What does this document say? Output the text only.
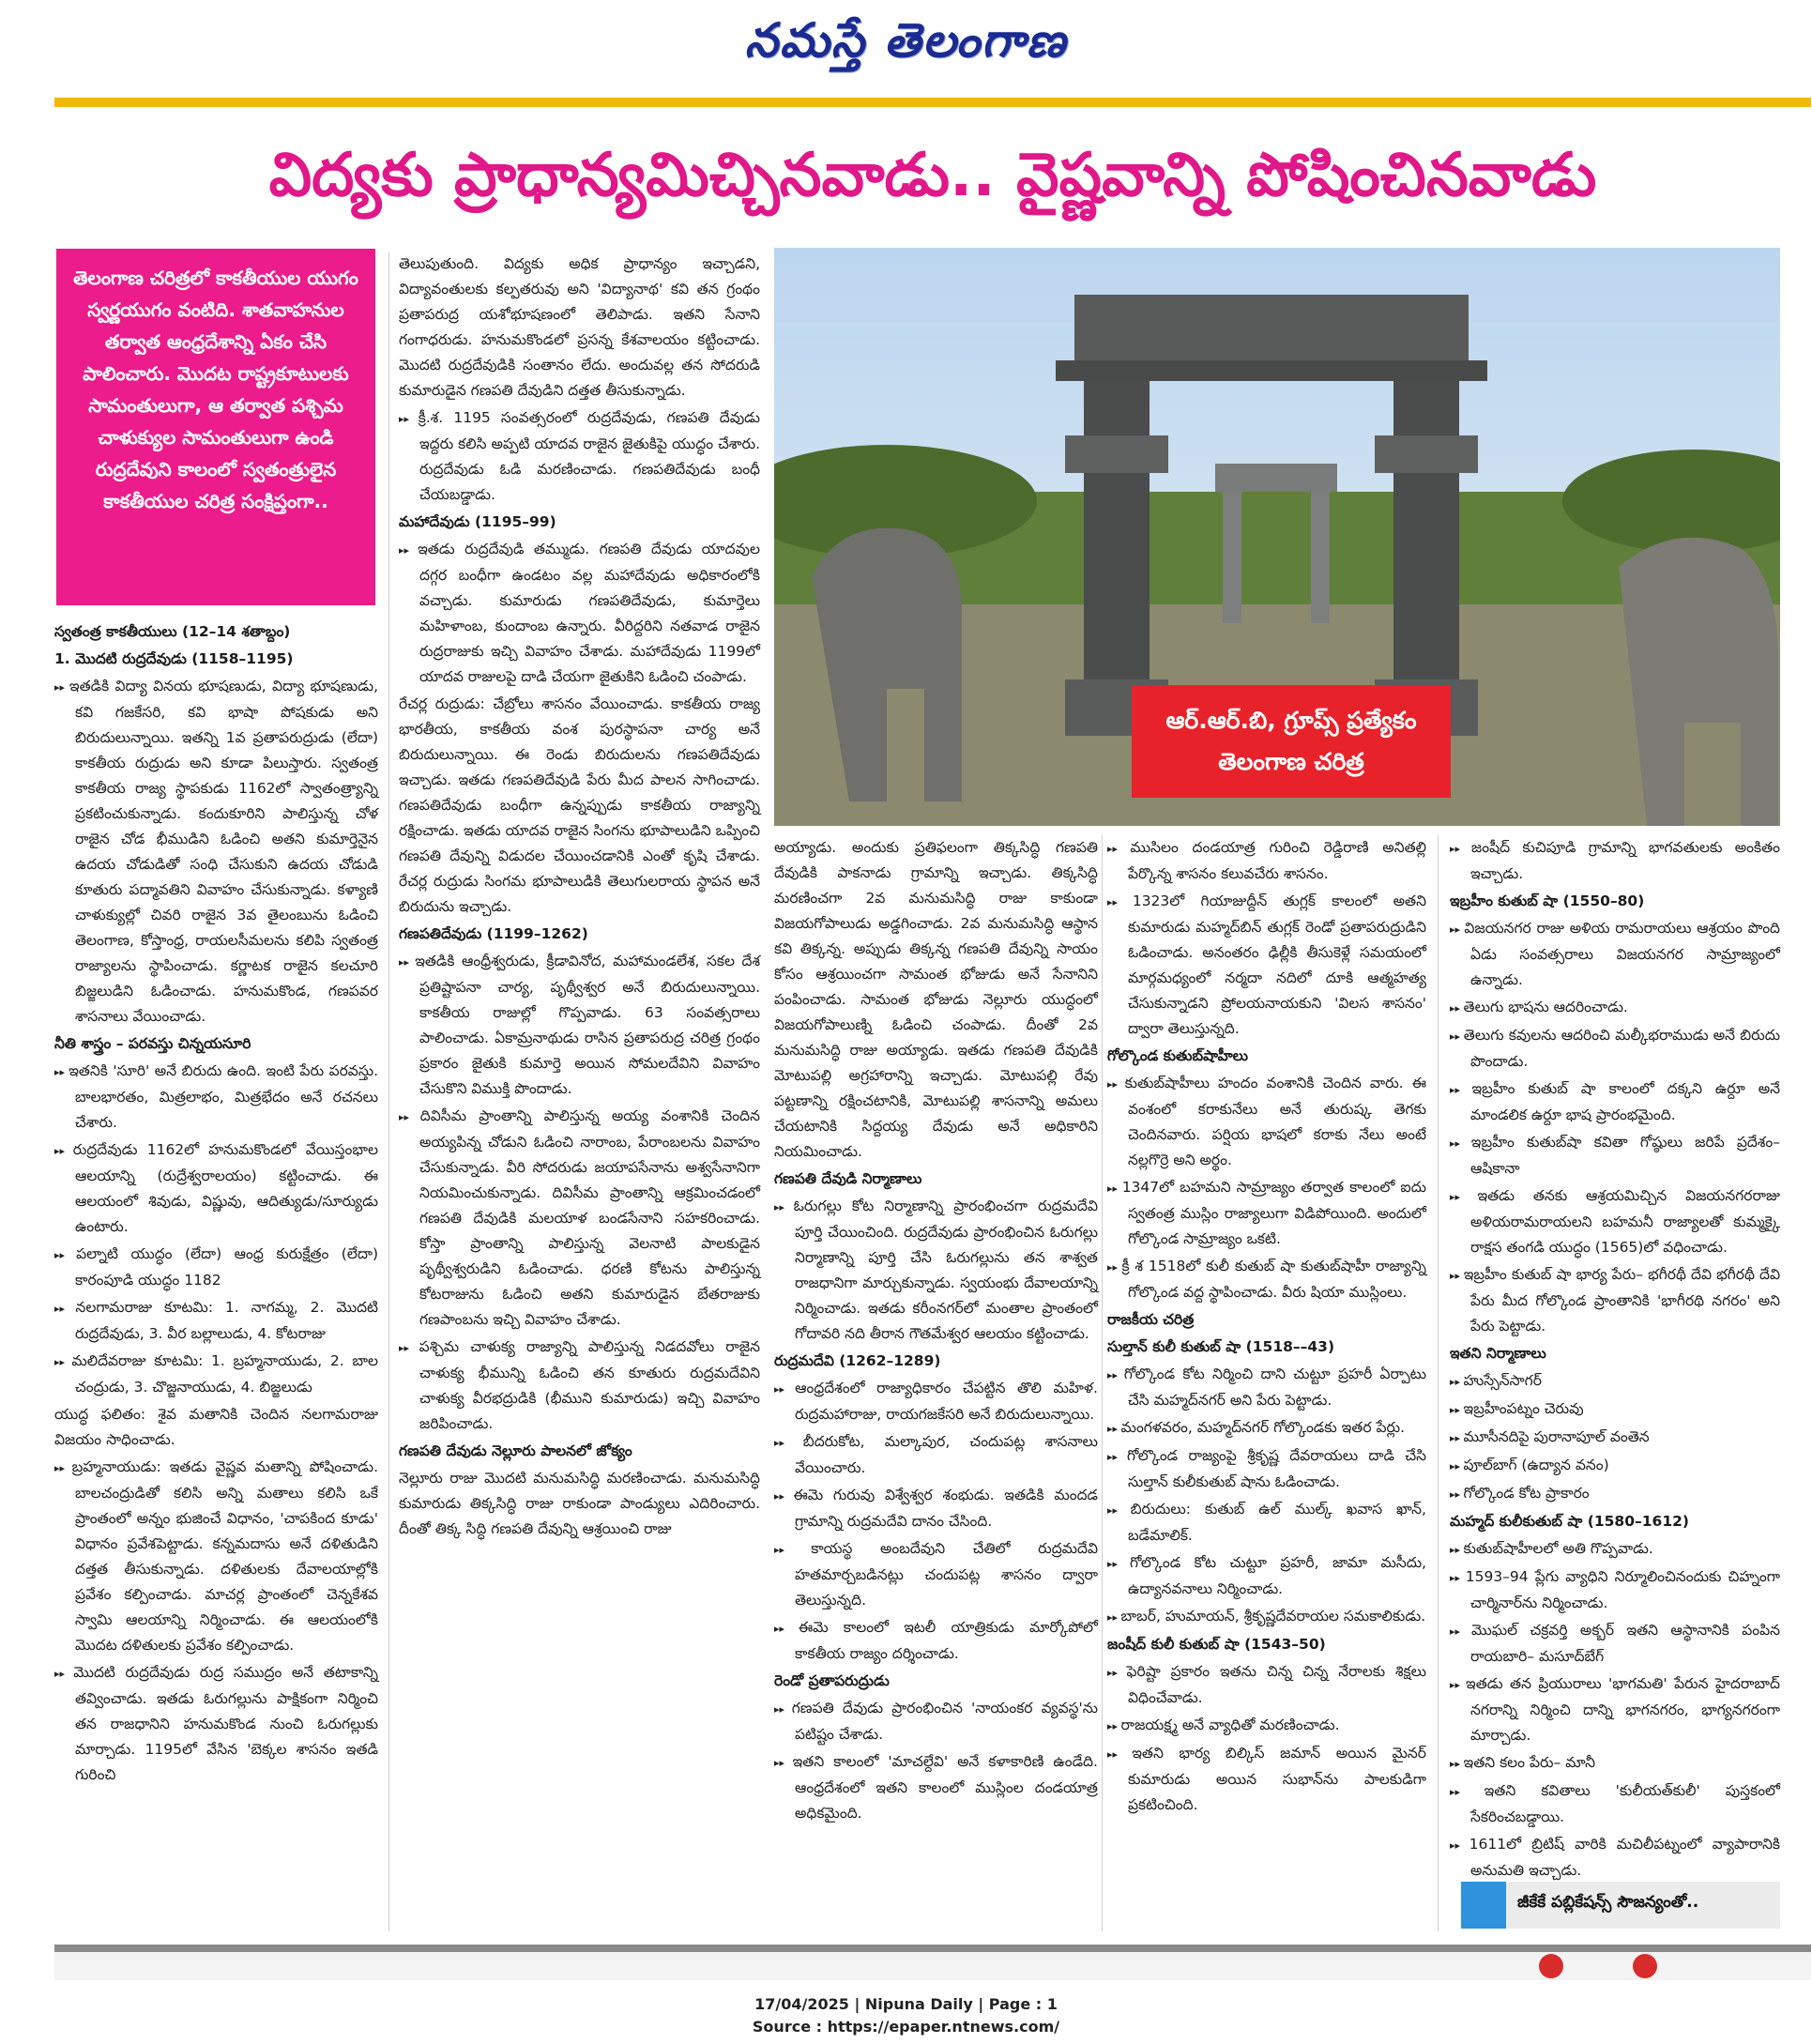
నమస్తే తెలంగాణ
విద్యకు ప్రాధాన్యమిచ్చినవాడు.. వైష్ణవాన్ని పోషించినవాడు
తెలంగాణ చరిత్రలో కాకతీయుల యుగం స్వర్ణయుగం వంటిది. శాతవాహనుల తర్వాత ఆంధ్రదేశాన్ని ఏకం చేసి పాలించారు. మొదట రాష్ట్రకూటులకు సామంతులుగా, ఆ తర్వాత పశ్చిమ చాళుక్యుల సామంతులుగా ఉండి రుద్రదేవుని కాలంలో స్వతంత్రులైన కాకతీయుల చరిత్ర సంక్షిప్తంగా..
ఆర్.ఆర్.బి, గ్రూప్స్ ప్రత్యేకం
తెలంగాణ చరిత్ర

స్వతంత్ర కాకతీయులు (12–14 శతాబ్దం)

1. మొదటి రుద్రదేవుడు (1158–1195)

▸▸ ఇతడికి విద్యా వినయ భూషణుడు, విద్యా భూషణుడు, కవి గజకేసరి, కవి భాషా పోషకుడు అని బిరుదులున్నాయి. ఇతన్ని 1వ ప్రతాపరుద్రుడు (లేదా) కాకతీయ రుద్రుడు అని కూడా పిలుస్తారు. స్వతంత్ర కాకతీయ రాజ్య స్థాపకుడు 1162లో స్వాతంత్ర్యాన్ని ప్రకటించుకున్నాడు. కందుకూరిని పాలిస్తున్న చోళ రాజైన చోడ భీముడిని ఓడించి అతని కుమార్తెనైన ఉదయ చోడుడితో సంధి చేసుకుని ఉదయ చోడుడి కూతురు పద్మావతిని వివాహం చేసుకున్నాడు. కళ్యాణి చాళుక్యుల్లో చివరి రాజైన 3వ తైలంబును ఓడించి తెలంగాణ, కోస్తాంధ్ర, రాయలసీమలను కలిపి స్వతంత్ర రాజ్యాలను స్థాపించాడు. కర్ణాటక రాజైన కలచూరి బిజ్జలుడిని ఓడించాడు. హనుమకొండ, గణపవర శాసనాలు వేయించాడు.

నీతి శాస్త్రం – పరవస్తు చిన్నయసూరి

▸▸ ఇతనికి 'సూరి' అనే బిరుదు ఉంది. ఇంటి పేరు పరవస్తు. బాలభారతం, మిత్రలాభం, మిత్రభేదం అనే రచనలు చేశారు.

▸▸ రుద్రదేవుడు 1162లో హనుమకొండలో వేయిస్తంభాల ఆలయాన్ని (రుద్రేశ్వరాలయం) కట్టించాడు. ఈ ఆలయంలో శివుడు, విష్ణువు, ఆదిత్యుడు/సూర్యుడు ఉంటారు.

▸▸ పల్నాటి యుద్ధం (లేదా) ఆంధ్ర కురుక్షేత్రం (లేదా) కారంపూడి యుద్ధం 1182

▸▸ నలగామరాజు కూటమి: 1. నాగమ్మ, 2. మొదటి రుద్రదేవుడు, 3. వీర బల్లాలుడు, 4. కోటరాజు

▸▸ మలిదేవరాజు కూటమి: 1. బ్రహ్మనాయుడు, 2. బాల చంద్రుడు, 3. చొజ్జనాయుడు, 4. బిజ్జలుడు

యుద్ధ ఫలితం: శైవ మతానికి చెందిన నలగామరాజు విజయం సాధించాడు.

▸▸ బ్రహ్మనాయుడు: ఇతడు వైష్ణవ మతాన్ని పోషించాడు. బాలచంద్రుడితో కలిసి అన్ని మతాలు కలిసి ఒకే ప్రాంతంలో అన్నం భుజించే విధానం, 'చాపకింద కూడు' విధానం ప్రవేశపెట్టాడు. కన్నమదాసు అనే దళితుడిని దత్తత తీసుకున్నాడు. దళితులకు దేవాలయాల్లోకి ప్రవేశం కల్పించాడు. మాచర్ల ప్రాంతంలో చెన్నకేశవ స్వామి ఆలయాన్ని నిర్మించాడు. ఈ ఆలయంలోకి మొదట దళితులకు ప్రవేశం కల్పించాడు.

▸▸ మొదటి రుద్రదేవుడు రుద్ర సముద్రం అనే తటాకాన్ని తవ్వించాడు. ఇతడు ఓరుగల్లును పాక్షికంగా నిర్మించి తన రాజధానిని హనుమకొండ నుంచి ఓరుగల్లుకు మార్చాడు. 1195లో వేసిన 'బెక్కల శాసనం ఇతడి గురించి

తెలుపుతుంది. విద్యకు అధిక ప్రాధాన్యం ఇచ్చాడని, విద్యావంతులకు కల్పతరువు అని 'విద్యానాథ' కవి తన గ్రంథం ప్రతాపరుద్ర యశోభూషణంలో తెలిపాడు. ఇతని సేనాని గంగాధరుడు. హనుమకొండలో ప్రసన్న కేశవాలయం కట్టించాడు. మొదటి రుద్రదేవుడికి సంతానం లేదు. అందువల్ల తన సోదరుడి కుమారుడైన గణపతి దేవుడిని దత్తత తీసుకున్నాడు.

▸▸ క్రీ.శ. 1195 సంవత్సరంలో రుద్రదేవుడు, గణపతి దేవుడు ఇద్దరు కలిసి అప్పటి యాదవ రాజైన జైతుకిపై యుద్ధం చేశారు. రుద్రదేవుడు ఓడి మరణించాడు. గణపతిదేవుడు బంధీ చేయబడ్డాడు.

మహాదేవుడు (1195–99)

▸▸ ఇతడు రుద్రదేవుడి తమ్ముడు. గణపతి దేవుడు యాదవుల దగ్గర బంధీగా ఉండటం వల్ల మహాదేవుడు అధికారంలోకి వచ్చాడు. కుమారుడు గణపతిదేవుడు, కుమార్తెలు మహిళాంబ, కుందాంబ ఉన్నారు. వీరిద్దరిని నతవాడ రాజైన రుద్రరాజుకు ఇచ్చి వివాహం చేశాడు. మహాదేవుడు 1199లో యాదవ రాజులపై దాడి చేయగా జైతుకిని ఓడించి చంపాడు.

రేచర్ల రుద్రుడు: చేబ్రోలు శాసనం వేయించాడు. కాకతీయ రాజ్య భారతీయ, కాకతీయ వంశ పురస్థాపనా చార్య అనే బిరుదులున్నాయి. ఈ రెండు బిరుదులను గణపతిదేవుడు ఇచ్చాడు. ఇతడు గణపతిదేవుడి పేరు మీద పాలన సాగించాడు. గణపతిదేవుడు బంధీగా ఉన్నప్పుడు కాకతీయ రాజ్యాన్ని రక్షించాడు. ఇతడు యాదవ రాజైన సింగను భూపాలుడిని ఒప్పించి గణపతి దేవున్ని విడుదల చేయించడానికి ఎంతో కృషి చేశాడు. రేచర్ల రుద్రుడు సింగమ భూపాలుడికి తెలుగులరాయ స్థాపన అనే బిరుదును ఇచ్చాడు.

గణపతిదేవుడు (1199–1262)

▸▸ ఇతడికి ఆంధ్రీశ్వరుడు, క్రీడావినోద, మహామండలేశ, సకల దేశ ప్రతిష్టాపనా చార్య, పృథ్వీశ్వర అనే బిరుదులున్నాయి. కాకతీయ రాజుల్లో గొప్పవాడు. 63 సంవత్సరాలు పాలించాడు. ఏకామ్రనాథుడు రాసిన ప్రతాపరుద్ర చరిత్ర గ్రంథం ప్రకారం జైతుకి కుమార్తె అయిన సోమలదేవిని వివాహం చేసుకొని విముక్తి పొందాడు.

▸▸ దివిసీమ ప్రాంతాన్ని పాలిస్తున్న అయ్య వంశానికి చెందిన అయ్యపిన్న చోడుని ఓడించి నారాంబ, పేరాంబలను వివాహం చేసుకున్నాడు. వీరి సోదరుడు జయాపసేనాను అశ్వసేనానిగా నియమించుకున్నాడు. దివిసీమ ప్రాంతాన్ని ఆక్రమించడంలో గణపతి దేవుడికి మలయాళ బండసేనాని సహకరించాడు. కోస్తా ప్రాంతాన్ని పాలిస్తున్న వెలనాటి పాలకుడైన పృథ్వీశ్వరుడిని ఓడించాడు. ధరణి కోటను పాలిస్తున్న కోటరాజును ఓడించి అతని కుమారుడైన బేతరాజుకు గణపాంబను ఇచ్చి వివాహం చేశాడు.

▸▸ పశ్చిమ చాళుక్య రాజ్యాన్ని పాలిస్తున్న నిడదవోలు రాజైన చాళుక్య భీమున్ని ఓడించి తన కూతురు రుద్రమదేవిని చాళుక్య వీరభద్రుడికి (భీముని కుమారుడు) ఇచ్చి వివాహం జరిపించాడు.

గణపతి దేవుడు నెల్లూరు పాలనలో జోక్యం

నెల్లూరు రాజు మొదటి మనుమసిద్ధి మరణించాడు. మనుమసిద్ధి కుమారుడు తిక్కసిద్ధి రాజు రాకుండా పాండ్యులు ఎదిరించారు. దీంతో తిక్క సిద్ధి గణపతి దేవున్ని ఆశ్రయించి రాజు

అయ్యాడు. అందుకు ప్రతిఫలంగా తిక్కసిద్ధి గణపతి దేవుడికి పాకనాడు గ్రామాన్ని ఇచ్చాడు. తిక్కసిద్ధి మరణించగా 2వ మనుమసిద్ధి రాజు కాకుండా విజయగోపాలుడు అడ్డగించాడు. 2వ మనుమసిద్ధి ఆస్థాన కవి తిక్కన్న. అప్పుడు తిక్కన్న గణపతి దేవున్ని సాయం కోసం ఆశ్రయించగా సామంత భోజుడు అనే సేనానిని పంపించాడు. సామంత భోజుడు నెల్లూరు యుద్ధంలో విజయగోపాలుణ్ని ఓడించి చంపాడు. దీంతో 2వ మనుమసిద్ధి రాజు అయ్యాడు. ఇతడు గణపతి దేవుడికి మోటుపల్లి అగ్రహారాన్ని ఇచ్చాడు. మోటుపల్లి రేవు పట్టణాన్ని రక్షించటానికి, మోటుపల్లి శాసనాన్ని అమలు చేయటానికి సిద్దయ్య దేవుడు అనే అధికారిని నియమించాడు.

గణపతి దేవుడి నిర్మాణాలు

▸▸ ఓరుగల్లు కోట నిర్మాణాన్ని ప్రారంభించగా రుద్రమదేవి పూర్తి చేయించింది. రుద్రదేవుడు ప్రారంభించిన ఓరుగల్లు నిర్మాణాన్ని పూర్తి చేసి ఓరుగల్లును తన శాశ్వత రాజధానిగా మార్చుకున్నాడు. స్వయంభు దేవాలయాన్ని నిర్మించాడు. ఇతడు కరీంనగర్‌లో మంతాల ప్రాంతంలో గోదావరి నది తీరాన గౌతమేశ్వర ఆలయం కట్టించాడు.

రుద్రమదేవి (1262–1289)

▸▸ ఆంధ్రదేశంలో రాజ్యాధికారం చేపట్టిన తొలి మహిళ. రుద్రమహారాజు, రాయగజకేసరి అనే బిరుదులున్నాయి.

▸▸ బీదరుకోట, మల్కాపుర, చందుపట్ల శాసనాలు వేయించారు.

▸▸ ఈమె గురువు విశ్వేశ్వర శంభుడు. ఇతడికి మందడ గ్రామాన్ని రుద్రమదేవి దానం చేసింది.

▸▸ కాయస్థ అంబదేవుని చేతిలో రుద్రమదేవి హతమార్చబడినట్లు చందుపట్ల శాసనం ద్వారా తెలుస్తున్నది.

▸▸ ఈమె కాలంలో ఇటలీ యాత్రికుడు మార్కోపోలో కాకతీయ రాజ్యం దర్శించాడు.

రెండో ప్రతాపరుద్రుడు

▸▸ గణపతి దేవుడు ప్రారంభించిన 'నాయంకర వ్యవస్థ'ను పటిష్టం చేశాడు.

▸▸ ఇతని కాలంలో 'మాచల్దేవి' అనే కళాకారిణి ఉండేది. ఆంధ్రదేశంలో ఇతని కాలంలో ముస్లింల దండయాత్ర అధికమైంది.

▸▸ ముసిలం దండయాత్ర గురించి రెడ్డిరాణి అనితల్లి పేర్కొన్న శాసనం కలువచేరు శాసనం.

▸▸ 1323లో గియాజుద్దీన్ తుగ్లక్ కాలంలో అతని కుమారుడు మహ్మద్‌బిన్ తుగ్లక్ రెండో ప్రతాపరుద్రుడిని ఓడించాడు. అనంతరం ఢిల్లీకి తీసుకెళ్లే సమయంలో మార్గమధ్యంలో నర్మదా నదిలో దూకి ఆత్మహత్య చేసుకున్నాడని ప్రోలయనాయకుని 'విలస శాసనం' ద్వారా తెలుస్తున్నది.

గోల్కొండ కుతుబ్‌షాహీలు

▸▸ కుతుబ్‌షాహీలు హందం వంశానికి చెందిన వారు. ఈ వంశంలో కరాకునేలు అనే తురుష్క తెగకు చెందినవారు. పర్షియ భాషలో కరాకు నేలు అంటే నల్లగొర్రె అని అర్థం.

▸▸ 1347లో బహమని సామ్రాజ్యం తర్వాత కాలంలో ఐదు స్వతంత్ర ముస్లిం రాజ్యాలుగా విడిపోయింది. అందులో గోల్కొండ సామ్రాజ్యం ఒకటి.

▸▸ క్రీ శ 1518లో కులీ కుతుబ్ షా కుతుబ్‌షాహీ రాజ్యాన్ని గోల్కొండ వద్ద స్థాపించాడు. వీరు షియా ముస్లింలు.

రాజకీయ చరిత్ర

సుల్తాన్ కులీ కుతుబ్ షా (1518––43)

▸▸ గోల్కొండ కోట నిర్మించి దాని చుట్టూ ప్రహరీ ఏర్పాటు చేసి మహ్మద్‌నగర్ అని పేరు పెట్టాడు.

▸▸ మంగళవరం, మహ్మద్‌నగర్ గోల్కొండకు ఇతర పేర్లు.

▸▸ గోల్కొండ రాజ్యంపై శ్రీకృష్ణ దేవరాయలు దాడి చేసి సుల్తాన్ కులీకుతుబ్ షాను ఓడించాడు.

▸▸ బిరుదులు: కుతుబ్ ఉల్ ముల్క్ ఖవాస ఖాన్, బడేమాలిక్.

▸▸ గోల్కొండ కోట చుట్టూ ప్రహరీ, జామా మసీదు, ఉద్యానవనాలు నిర్మించాడు.

▸▸ బాబర్, హుమాయన్, శ్రీకృష్ణదేవరాయల సమకాలికుడు.

జంషీద్ కులీ కుతుబ్ షా (1543–50)

▸▸ ఫెరిష్టా ప్రకారం ఇతను చిన్న చిన్న నేరాలకు శిక్షలు విధించేవాడు.

▸▸ రాజయక్ష్మ అనే వ్యాధితో మరణించాడు.

▸▸ ఇతని భార్య బిల్కిస్ జమాన్ అయిన మైనర్ కుమారుడు అయిన సుభాన్‌ను పాలకుడిగా ప్రకటించింది.

▸▸ జంషీద్ కుచిపూడి గ్రామాన్ని భాగవతులకు అంకితం ఇచ్చాడు.

ఇబ్రహీం కుతుబ్ షా (1550–80)

▸▸ విజయనగర రాజు అళియ రామరాయలు ఆశ్రయం పొంది ఏడు సంవత్సరాలు విజయనగర సామ్రాజ్యంలో ఉన్నాడు.

▸▸ తెలుగు భాషను ఆదరించాడు.

▸▸ తెలుగు కవులను ఆదరించి మల్కీభరాముడు అనే బిరుదు పొందాడు.

▸▸ ఇబ్రహీం కుతుబ్ షా కాలంలో దక్కని ఉర్దూ అనే మాండలిక ఉర్దూ భాష ప్రారంభమైంది.

▸▸ ఇబ్రహీం కుతుబ్‌షా కవితా గోష్ఠులు జరిపే ప్రదేశం– ఆషికానా

▸▸ ఇతడు తనకు ఆశ్రయమిచ్చిన విజయనగరరాజు అళియరామరాయలని బహమనీ రాజ్యాలతో కుమ్మక్కై రాక్షస తంగడి యుద్ధం (1565)లో వధించాడు.

▸▸ ఇబ్రహీం కుతుబ్ షా భార్య పేరు– భగీరథీ దేవి భగీరథీ దేవి పేరు మీద గోల్కొండ ప్రాంతానికి 'భాగీరథి నగరం' అని పేరు పెట్టాడు.

ఇతని నిర్మాణాలు

▸▸ హుస్సేన్‌సాగర్

▸▸ ఇబ్రహీంపట్నం చెరువు

▸▸ మూసీనదిపై పురానాపూల్ వంతెన

▸▸ పూల్‌బాగ్ (ఉద్యాన వనం)

▸▸ గోల్కొండ కోట ప్రాకారం

మహ్మద్ కులీకుతుబ్ షా (1580–1612)

▸▸ కుతుబ్‌షాహీలలో అతి గొప్పవాడు.

▸▸ 1593–94 ప్లేగు వ్యాధిని నిర్మూలించినందుకు చిహ్నంగా చార్మినార్‌ను నిర్మించాడు.

▸▸ మొఘల్ చక్రవర్తి అక్బర్ ఇతని ఆస్థానానికి పంపిన రాయబారి– మసూద్‌బేగ్

▸▸ ఇతడు తన ప్రియురాలు 'భాగమతి' పేరున హైదరాబాద్ నగరాన్ని నిర్మించి దాన్ని భాగనగరం, భాగ్యనగరంగా మార్చాడు.

▸▸ ఇతని కలం పేరు– మానీ

▸▸ ఇతని కవితాలు 'కులీయత్‌కులీ' పుస్తకంలో సేకరించబడ్డాయి.

▸▸ 1611లో బ్రిటిష్ వారికి మచిలీపట్నంలో వ్యాపారానికి అనుమతి ఇచ్చాడు.

జీకేకే పబ్లికేషన్స్ సౌజన్యంతో..
17/04/2025 | Nipuna Daily | Page : 1
Source : https://epaper.ntnews.com/
